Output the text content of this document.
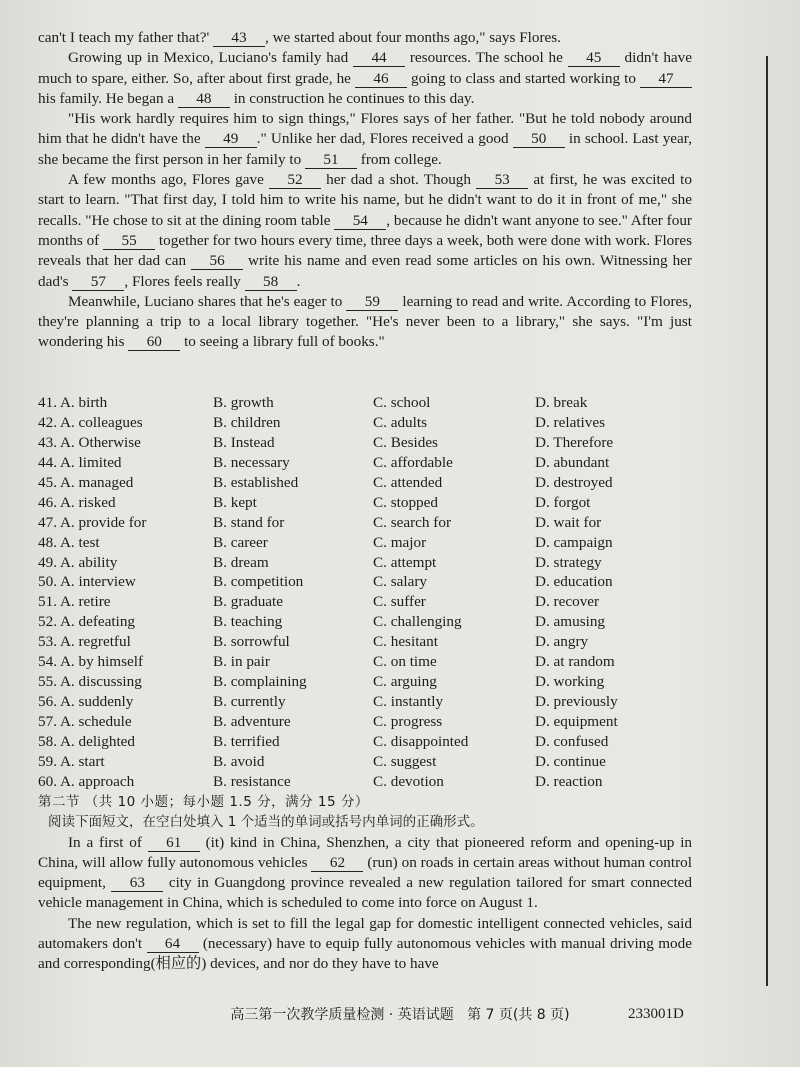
can't I teach my father that?' 43 , we started about four months ago," says Flores.

Growing up in Mexico, Luciano's family had 44 resources. The school he 45 didn't have much to spare, either. So, after about first grade, he 46 going to class and started working to 47 his family. He began a 48 in construction he continues to this day.

"His work hardly requires him to sign things," Flores says of her father. "But he told nobody around him that he didn't have the 49 ." Unlike her dad, Flores received a good 50 in school. Last year, she became the first person in her family to 51 from college.

A few months ago, Flores gave 52 her dad a shot. Though 53 at first, he was excited to start to learn. "That first day, I told him to write his name, but he didn't want to do it in front of me," she recalls. "He chose to sit at the dining room table 54 , because he didn't want anyone to see." After four months of 55 together for two hours every time, three days a week, both were done with work. Flores reveals that her dad can 56 write his name and even read some articles on his own. Witnessing her dad's 57 , Flores feels really 58 .

Meanwhile, Luciano shares that he's eager to 59 learning to read and write. According to Flores, they're planning a trip to a local library together. "He's never been to a library," she says. "I'm just wondering his 60 to seeing a library full of books."

41. A. birth	B. growth	C. school	D. break
42. A. colleagues	B. children	C. adults	D. relatives
43. A. Otherwise	B. Instead	C. Besides	D. Therefore
44. A. limited	B. necessary	C. affordable	D. abundant
45. A. managed	B. established	C. attended	D. destroyed
46. A. risked	B. kept	C. stopped	D. forgot
47. A. provide for	B. stand for	C. search for	D. wait for
48. A. test	B. career	C. major	D. campaign
49. A. ability	B. dream	C. attempt	D. strategy
50. A. interview	B. competition	C. salary	D. education
51. A. retire	B. graduate	C. suffer	D. recover
52. A. defeating	B. teaching	C. challenging	D. amusing
53. A. regretful	B. sorrowful	C. hesitant	D. angry
54. A. by himself	B. in pair	C. on time	D. at random
55. A. discussing	B. complaining	C. arguing	D. working
56. A. suddenly	B. currently	C. instantly	D. previously
57. A. schedule	B. adventure	C. progress	D. equipment
58. A. delighted	B. terrified	C. disappointed	D. confused
59. A. start	B. avoid	C. suggest	D. continue
60. A. approach	B. resistance	C. devotion	D. reaction
第二节 （共 10 小题；每小题 1.5 分，满分 15 分）
阅读下面短文，在空白处填入 1 个适当的单词或括号内单词的正确形式。

In a first of 61 (it) kind in China, Shenzhen, a city that pioneered reform and opening-up in China, will allow fully autonomous vehicles 62 (run) on roads in certain areas without human control equipment, 63 city in Guangdong province revealed a new regulation tailored for smart connected vehicle management in China, which is scheduled to come into force on August 1.

The new regulation, which is set to fill the legal gap for domestic intelligent connected vehicles, said automakers don't 64 (necessary) have to equip fully autonomous vehicles with manual driving mode and corresponding(相应的) devices, and nor do they have to have

高三第一次教学质量检测 · 英语试题 第 7 页(共 8 页)	233001D
